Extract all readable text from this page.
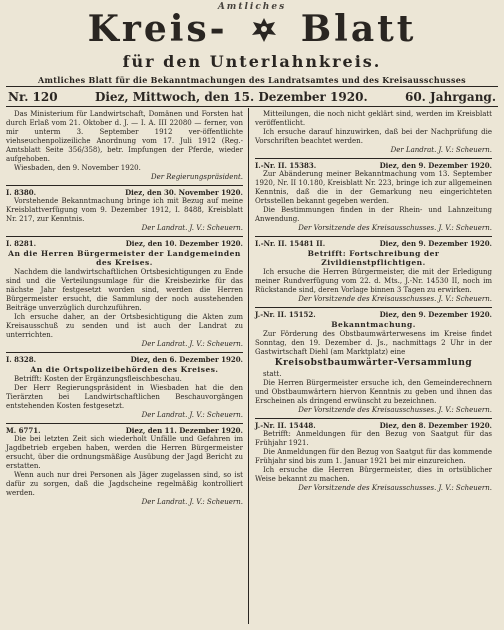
Amtliches
Kreis- Blatt
für den Unterlahnkreis.
Amtliches Blatt für die Bekanntmachungen des Landratsamtes und des Kreisausschusses
Nr. 120	Diez, Mittwoch, den 15. Dezember 1920.	60. Jahrgang.

Das Ministerium für Landwirtschaft, Domänen und Forsten hat durch Erlaß vom 21. Oktober d. J. — I. A. III 22080 — ferner, von mir unterm 3. September 1912 ver-öffentlichte viehseuchenpolizeiliche Anordnung vom 17. Juli 1912 (Reg.-Amtsblatt Seite 356/358), betr. Impfungen der Pferde, wieder aufgehoben.

Wiesbaden, den 9. November 1920.

Der Regierungspräsident.
I. 8380.	Diez, den 30. November 1920.

Vorstehende Bekanntmachung bringe ich mit Bezug auf meine Kreisblattverfügung vom 9. Dezember 1912, I. 8488, Kreisblatt Nr. 217, zur Kenntnis.

Der Landrat. J. V.: Scheuern.
I. 8281.	Diez, den 10. Dezember 1920.
An die Herren Bürgermeister der Landgemeinden des Kreises.

Nachdem die landwirtschaftlichen Ortsbesichtigungen zu Ende sind und die Verteilungsumlage für die Kreisbezirke für das nächste Jahr festgesetzt worden sind, werden die Herren Bürgermeister ersucht, die Sammlung der noch ausstehenden Beiträge unverzüglich durchzuführen.

Ich ersuche daher, an der Ortsbesichtigung die Akten zum Kreisausschuß zu senden und ist auch der Landrat zu unterrichten.

Der Landrat. J. V.: Scheuern.
I. 8328.	Diez, den 6. Dezember 1920.
An die Ortspolizeibehörden des Kreises.

Betrifft: Kosten der Ergänzungsfleischbeschau.

Der Herr Regierungspräsident in Wiesbaden hat die den Tierärzten bei Landwirtschaftlichen Beschauvorgängen entstehenden Kosten festgesetzt.

Der Landrat. J. V.: Scheuern.
M. 6771.	Diez, den 11. Dezember 1920.

Die bei letzten Zeit sich wiederholt Unfälle und Gefahren im Jagdbetrieb ergeben haben, werden die Herren Bürgermeister ersucht, über die ordnungsmäßige Ausübung der Jagd Bericht zu erstatten.

Wenn auch nur drei Personen als Jäger zugelassen sind, so ist dafür zu sorgen, daß die Jagdscheine regelmäßig kontrolliert werden.

Der Landrat. J. V.: Scheuern.

Mitteilungen, die noch nicht geklärt sind, werden im Kreisblatt veröffentlicht.

Ich ersuche darauf hinzuwirken, daß bei der Nachprüfung die Vorschriften beachtet werden.

Der Landrat. J. V.: Scheuern.
I.-Nr. II. 15383.	Diez, den 9. Dezember 1920.

Zur Abänderung meiner Bekanntmachung vom 13. September 1920, Nr. II 10.180, Kreisblatt Nr. 223, bringe ich zur allgemeinen Kenntnis, daß die in der Gemarkung neu eingerichteten Ortsstellen bekannt gegeben werden.

Die Bestimmungen finden in der Rhein- und Lahnzeitung Anwendung.

Der Vorsitzende des Kreisausschusses. J. V.: Scheuern.
I.-Nr. II. 15481 II.	Diez, den 9. Dezember 1920.
Betrifft: Fortschreibung der Zivildienstpflichtigen.

Ich ersuche die Herren Bürgermeister, die mit der Erledigung meiner Rundverfügung vom 22. d. Mts., J.-Nr. 14530 II, noch im Rückstande sind, deren Vorlage binnen 3 Tagen zu erwirken.

Der Vorsitzende des Kreisausschusses. J. V.: Scheuern.
J.-Nr. II. 15152.	Diez, den 9. Dezember 1920.
Bekanntmachung.

Zur Förderung des Obstbaumwärterwesens im Kreise findet Sonntag, den 19. Dezember d. Js., nachmittags 2 Uhr in der Gastwirtschaft Diehl (am Marktplatz) eine

Kreisobstbaumwärter-Versammlung

statt.

Die Herren Bürgermeister ersuche ich, den Gemeinderechnern und Obstbaumwärtern hiervon Kenntnis zu geben und ihnen das Erscheinen als dringend erwünscht zu bezeichnen.

Der Vorsitzende des Kreisausschusses. J. V.: Scheuern.
J.-Nr. II. 15448.	Diez, den 8. Dezember 1920.

Betrifft: Anmeldungen für den Bezug von Saatgut für das Frühjahr 1921.

Die Anmeldungen für den Bezug von Saatgut für das kommende Frühjahr sind bis zum 1. Januar 1921 bei mir einzureichen.

Ich ersuche die Herren Bürgermeister, dies in ortsüblicher Weise bekannt zu machen.

Der Vorsitzende des Kreisausschusses. J. V.: Scheuern.
